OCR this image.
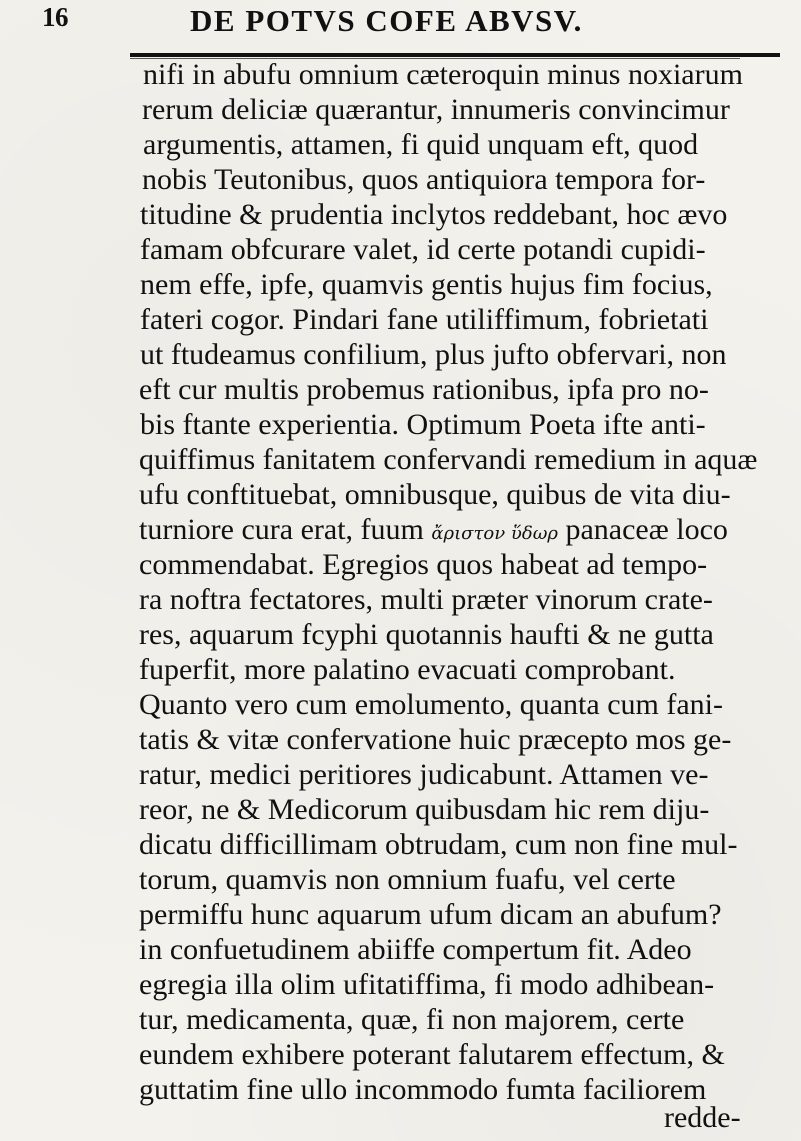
16	DE POTVS COFE ABVSV.
nifi in abufu omnium cæteroquin minus noxiarum
rerum deliciæ quærantur, innumeris convincimur
argumentis, attamen, fi quid unquam eft, quod
nobis Teutonibus, quos antiquiora tempora for-
titudine & prudentia inclytos reddebant, hoc ævo
famam obfcurare valet, id certe potandi cupidi-
nem effe, ipfe, quamvis gentis hujus fim focius,
fateri cogor. Pindari fane utiliffimum, fobrietati
ut ftudeamus confilium, plus jufto obfervari, non
eft cur multis probemus rationibus, ipfa pro no-
bis ftante experientia. Optimum Poeta ifte anti-
quiffimus fanitatem confervandi remedium in aquæ
ufu conftituebat, omnibusque, quibus de vita diu-
turniore cura erat, fuum ἄριστον ὕδωρ panaceæ loco
commendabat. Egregios quos habeat ad tempo-
ra noftra fectatores, multi præter vinorum crate-
res, aquarum fcyphi quotannis haufti & ne gutta
fuperfit, more palatino evacuati comprobant.
Quanto vero cum emolumento, quanta cum fani-
tatis & vitæ confervatione huic præcepto mos ge-
ratur, medici peritiores judicabunt. Attamen ve-
reor, ne & Medicorum quibusdam hic rem diju-
dicatu difficillimam obtrudam, cum non fine mul-
torum, quamvis non omnium fuafu, vel certe
permiffu hunc aquarum ufum dicam an abufum?
in confuetudinem abiiffe compertum fit. Adeo
egregia illa olim ufitatiffima, fi modo adhibean-
tur, medicamenta, quæ, fi non majorem, certe
eundem exhibere poterant falutarem effectum, &
guttatim fine ullo incommodo fumta faciliorem
redde-
